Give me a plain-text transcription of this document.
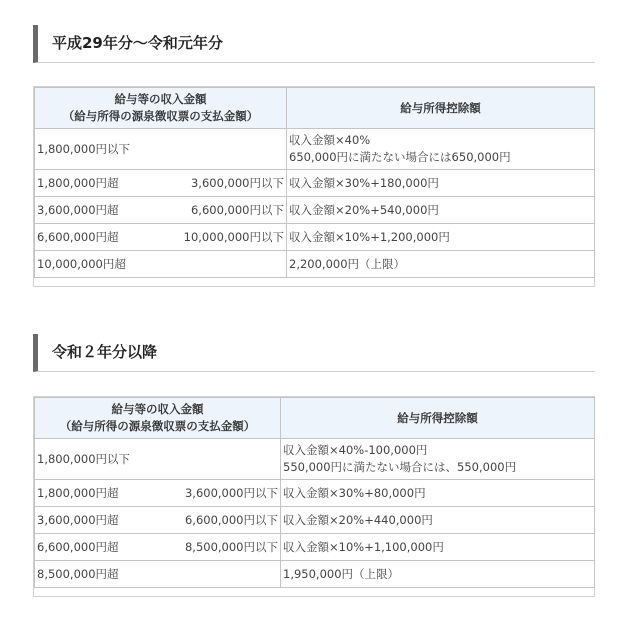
平成29年分～令和元年分
給与等の収入金額
（給与所得の源泉徴収票の支払金額）	給与所得控除額

1,800,000円以下	収入金額×40%
650,000円に満たない場合には650,000円

1,800,000円超 3,600,000円以下	収入金額×30%+180,000円

3,600,000円超 6,600,000円以下	収入金額×20%+540,000円

6,600,000円超 10,000,000円以下	収入金額×10%+1,200,000円

10,000,000円超	2,200,000円（上限）
令和２年分以降
給与等の収入金額
（給与所得の源泉徴収票の支払金額）	給与所得控除額

1,800,000円以下	収入金額×40%-100,000円
550,000円に満たない場合には、550,000円

1,800,000円超 3,600,000円以下	収入金額×30%+80,000円

3,600,000円超 6,600,000円以下	収入金額×20%+440,000円

6,600,000円超 8,500,000円以下	収入金額×10%+1,100,000円

8,500,000円超	1,950,000円（上限）
